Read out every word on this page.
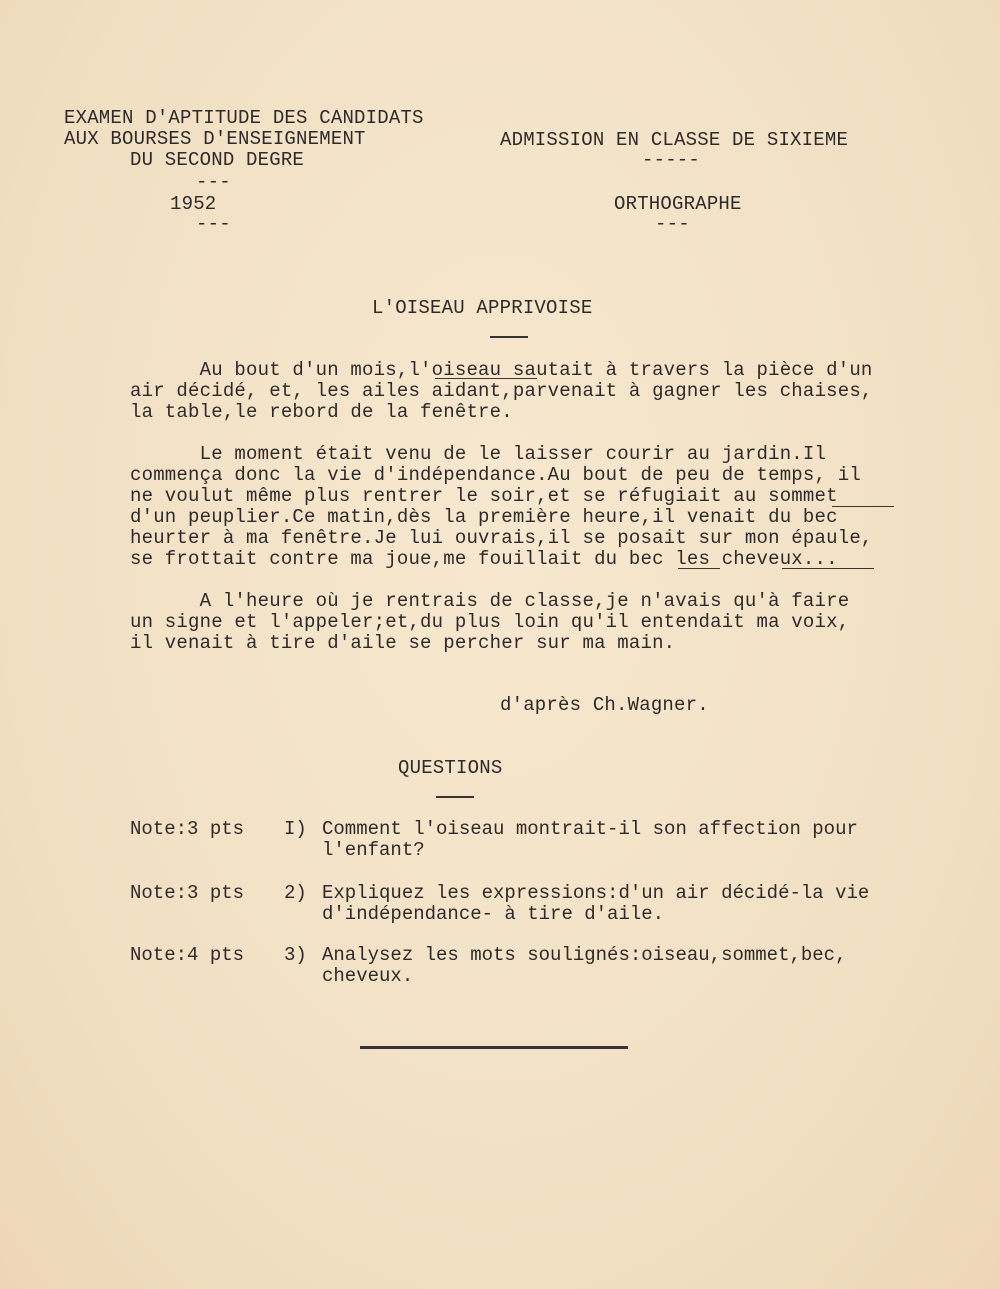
EXAMEN D'APTITUDE DES CANDIDATS
AUX BOURSES D'ENSEIGNEMENT
DU SECOND DEGRE
---
1952
---
ADMISSION EN CLASSE DE SIXIEME
-----
ORTHOGRAPHE
---
L'OISEAU APPRIVOISE
Au bout d'un mois,l'oiseau sautait à travers la pièce d'un
air décidé, et, les ailes aidant,parvenait à gagner les chaises,
la table,le rebord de la fenêtre.
Le moment était venu de le laisser courir au jardin.Il
commença donc la vie d'indépendance.Au bout de peu de temps, il
ne voulut même plus rentrer le soir,et se réfugiait au sommet
d'un peuplier.Ce matin,dès la première heure,il venait du bec
heurter à ma fenêtre.Je lui ouvrais,il se posait sur mon épaule,
se frottait contre ma joue,me fouillait du bec les cheveux...
A l'heure où je rentrais de classe,je n'avais qu'à faire
un signe et l'appeler;et,du plus loin qu'il entendait ma voix,
il venait à tire d'aile se percher sur ma main.
d'après Ch.Wagner.
QUESTIONS
Note:3 pts I) Comment l'oiseau montrait-il son affection pour
l'enfant?
Note:3 pts 2) Expliquez les expressions:d'un air décidé-la vie
d'indépendance- à tire d'aile.
Note:4 pts 3) Analysez les mots soulignés:oiseau,sommet,bec,
cheveux.
